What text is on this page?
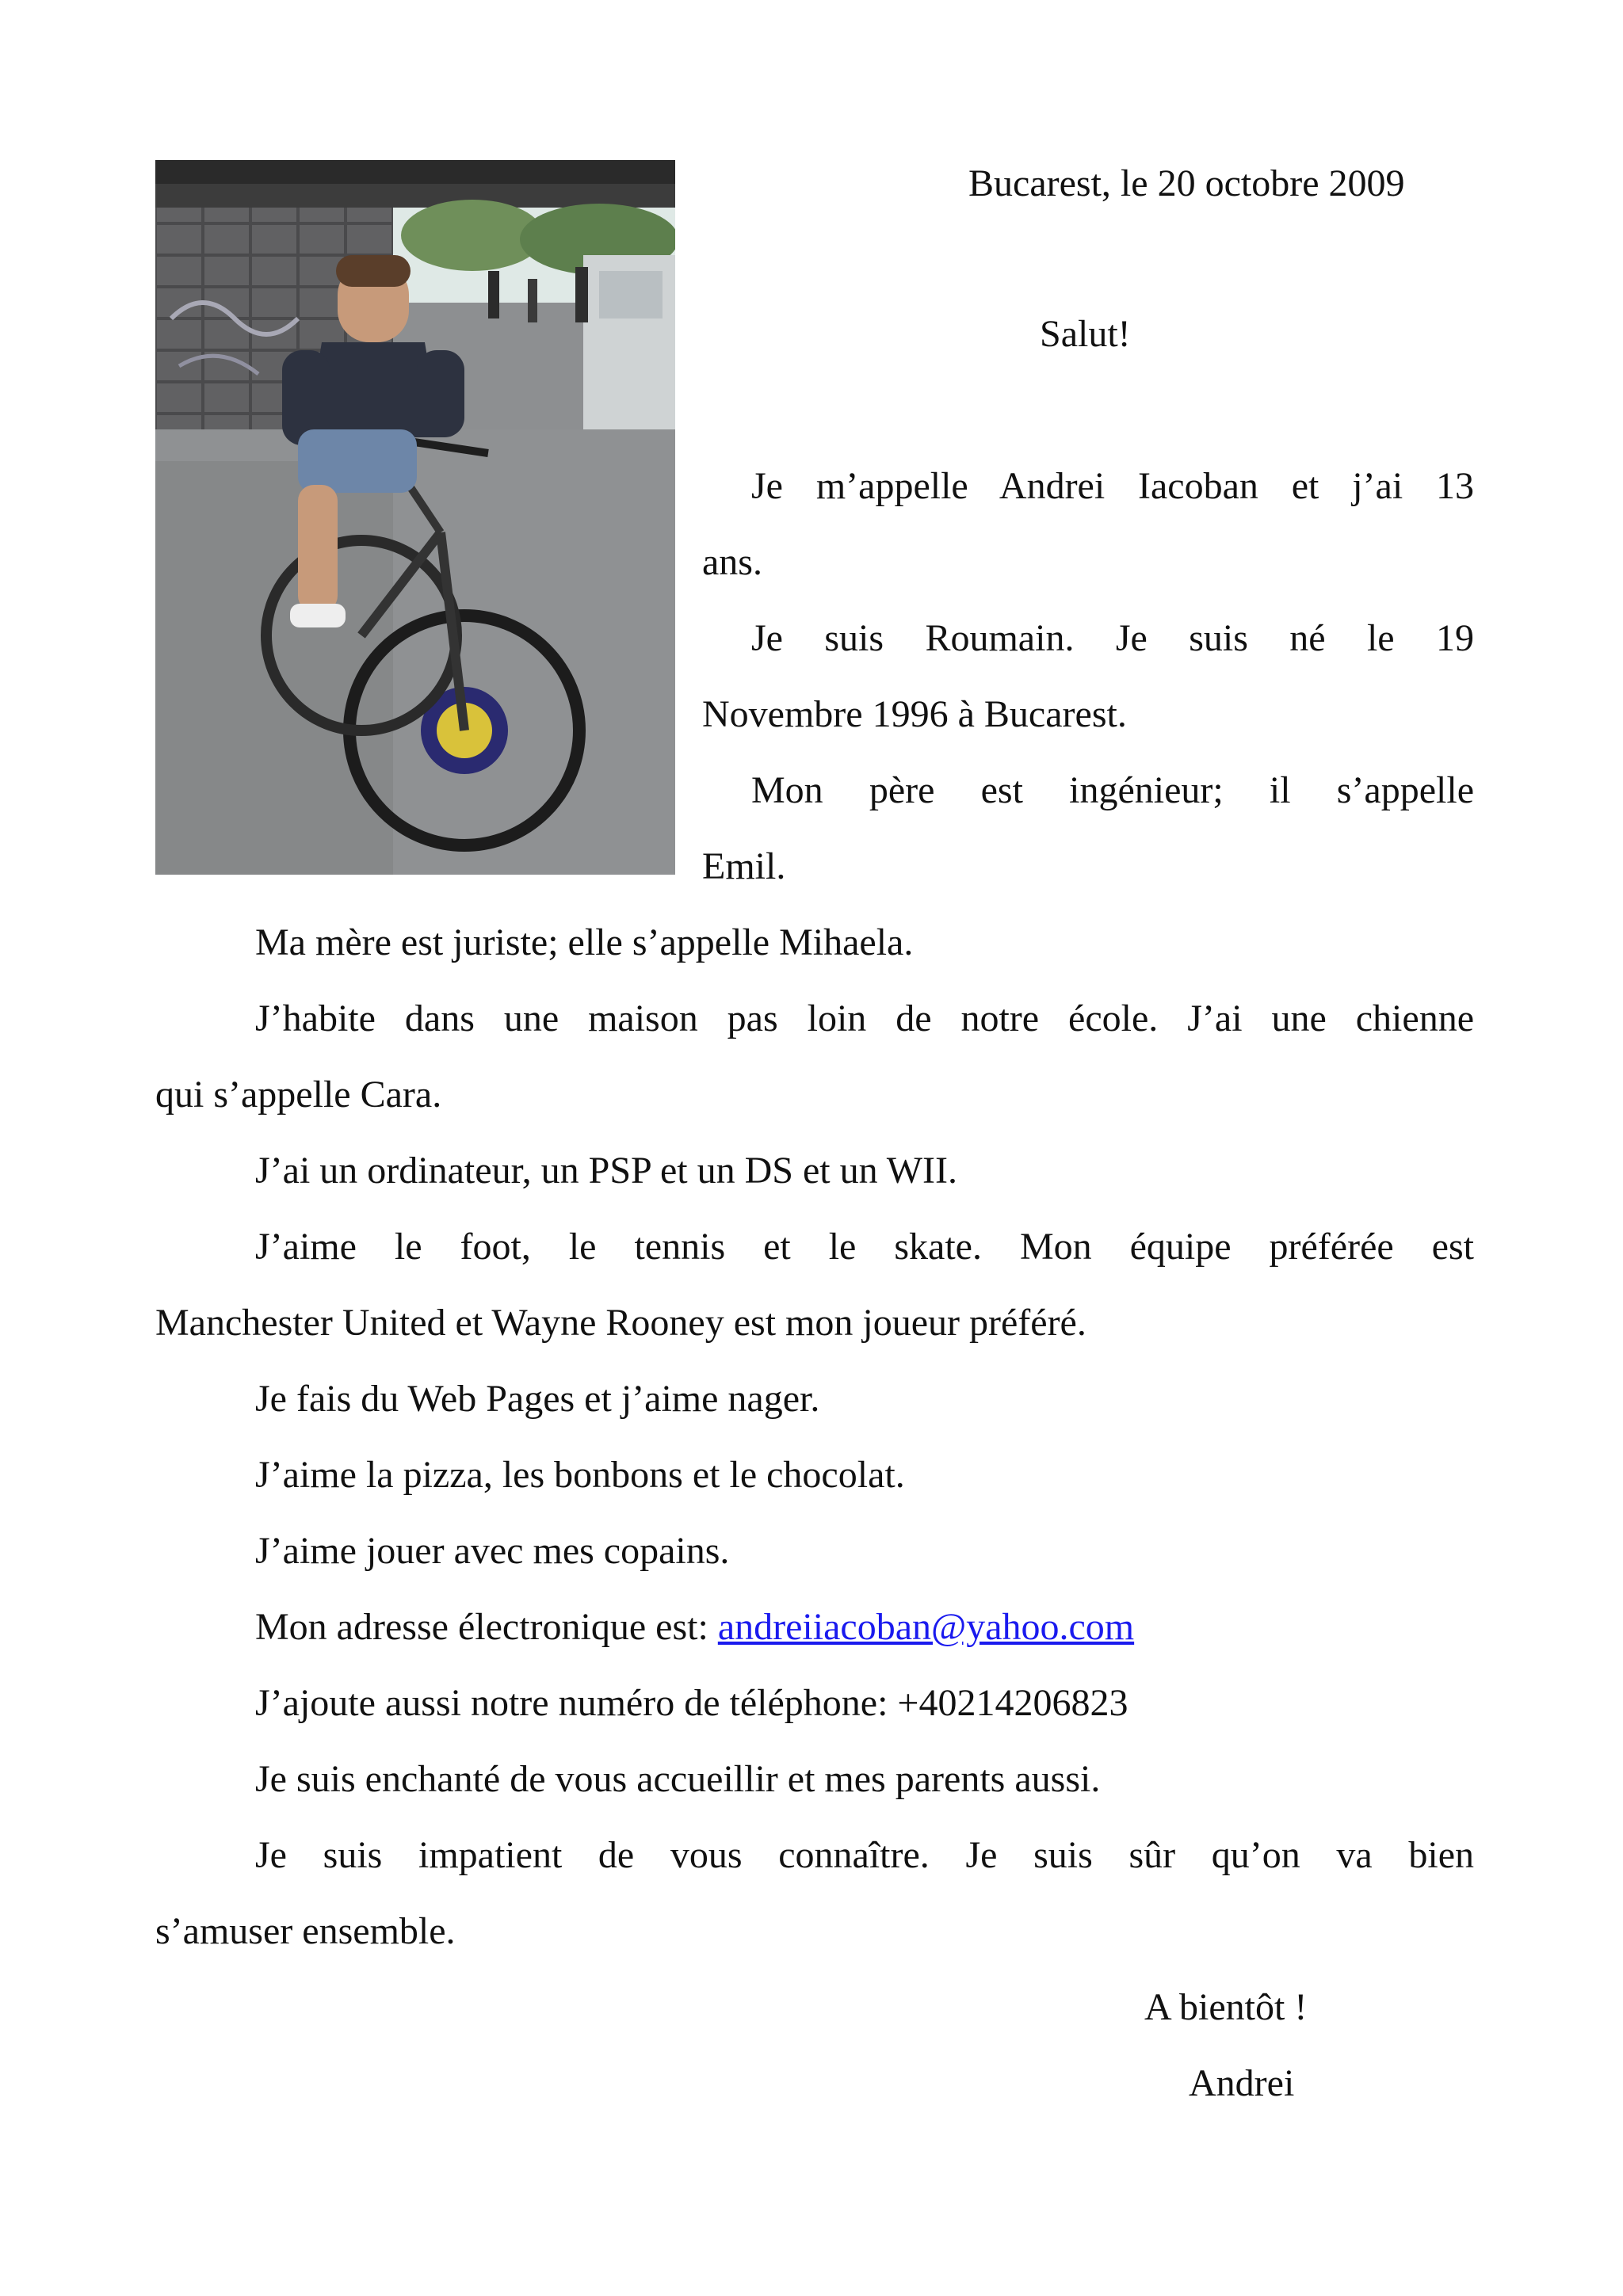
Bucarest, le 20 octobre 2009
Salut!
Je m’appelle Andrei Iacoban et j’ai 13
ans.
Je suis Roumain. Je suis né le 19
Novembre 1996 à Bucarest.
Mon père est ingénieur; il s’appelle
Emil.
Ma mère est juriste; elle s’appelle Mihaela.
J’habite dans une maison pas loin de notre école. J’ai une chienne
qui s’appelle Cara.
J’ai un ordinateur, un PSP et un DS et un WII.
J’aime le foot, le tennis et le skate. Mon équipe préférée est
Manchester United et Wayne Rooney est mon joueur préféré.
Je fais du Web Pages et j’aime nager.
J’aime la pizza, les bonbons et le chocolat.
J’aime jouer avec mes copains.
Mon adresse électronique est: andreiiacoban@yahoo.com
J’ajoute aussi notre numéro de téléphone: +40214206823
Je suis enchanté de vous accueillir et mes parents aussi.
Je suis impatient de vous connaître. Je suis sûr qu’on va bien
s’amuser ensemble.
A bientôt !
Andrei
